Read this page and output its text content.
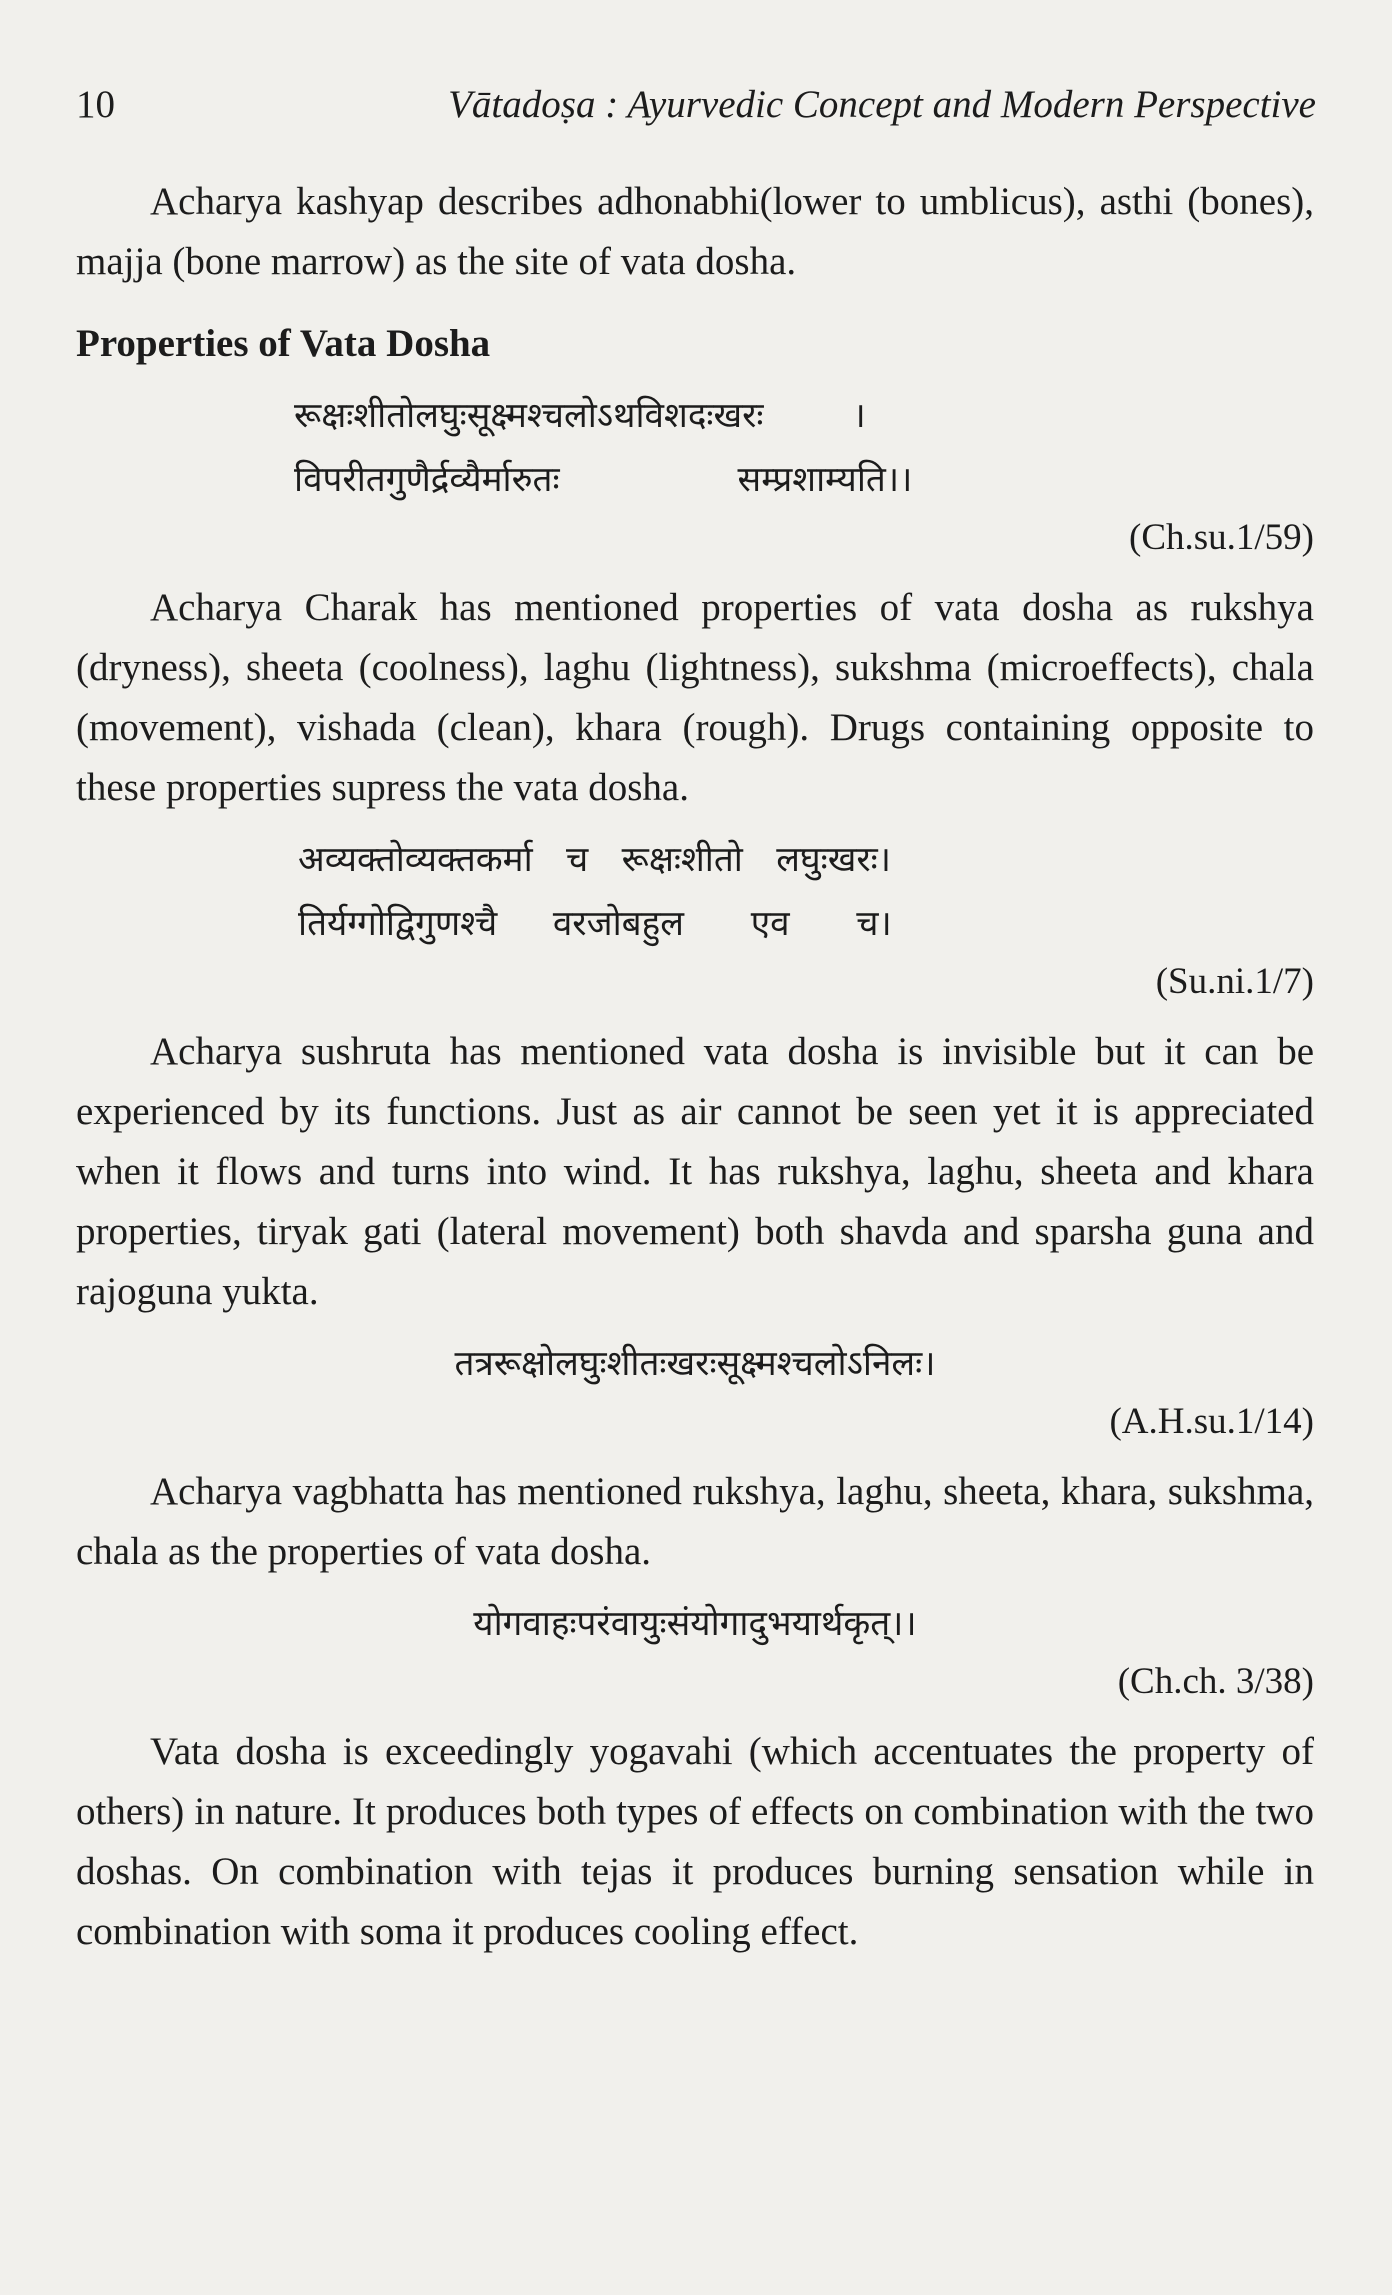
10	Vātadoṣa : Ayurvedic Concept and Modern Perspective

Acharya kashyap describes adhonabhi(lower to umblicus), asthi (bones), majja (bone marrow) as the site of vata dosha.

Properties of Vata Dosha

रूक्षःशीतोलघुःसूक्ष्मश्चलोऽथविशदःखरः        ।

विपरीतगुणैर्द्रव्यैर्मारुतः                सम्प्रशाम्यति।।

(Ch.su.1/59)

Acharya Charak has mentioned properties of vata dosha as rukshya (dryness), sheeta (coolness), laghu (lightness), sukshma (microeffects), chala (movement), vishada (clean), khara (rough). Drugs containing opposite to these properties supress the vata dosha.

अव्यक्तोव्यक्तकर्मा   च   रूक्षःशीतो   लघुःखरः।

तिर्यग्गोद्विगुणश्चै     वरजोबहुल      एव      च।

(Su.ni.1/7)

Acharya sushruta has mentioned vata dosha is invisible but it can be experienced by its functions. Just as air cannot be seen yet it is appreciated when it flows and turns into wind. It has rukshya, laghu, sheeta and khara properties, tiryak gati (lateral movement) both shavda and sparsha guna and rajoguna yukta.

तत्ररूक्षोलघुःशीतःखरःसूक्ष्मश्चलोऽनिलः।

(A.H.su.1/14)

Acharya vagbhatta has mentioned rukshya, laghu, sheeta, khara, sukshma, chala as the properties of vata dosha.

योगवाहःपरंवायुःसंयोगादुभयार्थकृत्।।

(Ch.ch. 3/38)

Vata dosha is exceedingly yogavahi (which accentuates the property of others) in nature. It produces both types of effects on combination with the two doshas. On combination with tejas it produces burning sensation while in combination with soma it produces cooling effect.
